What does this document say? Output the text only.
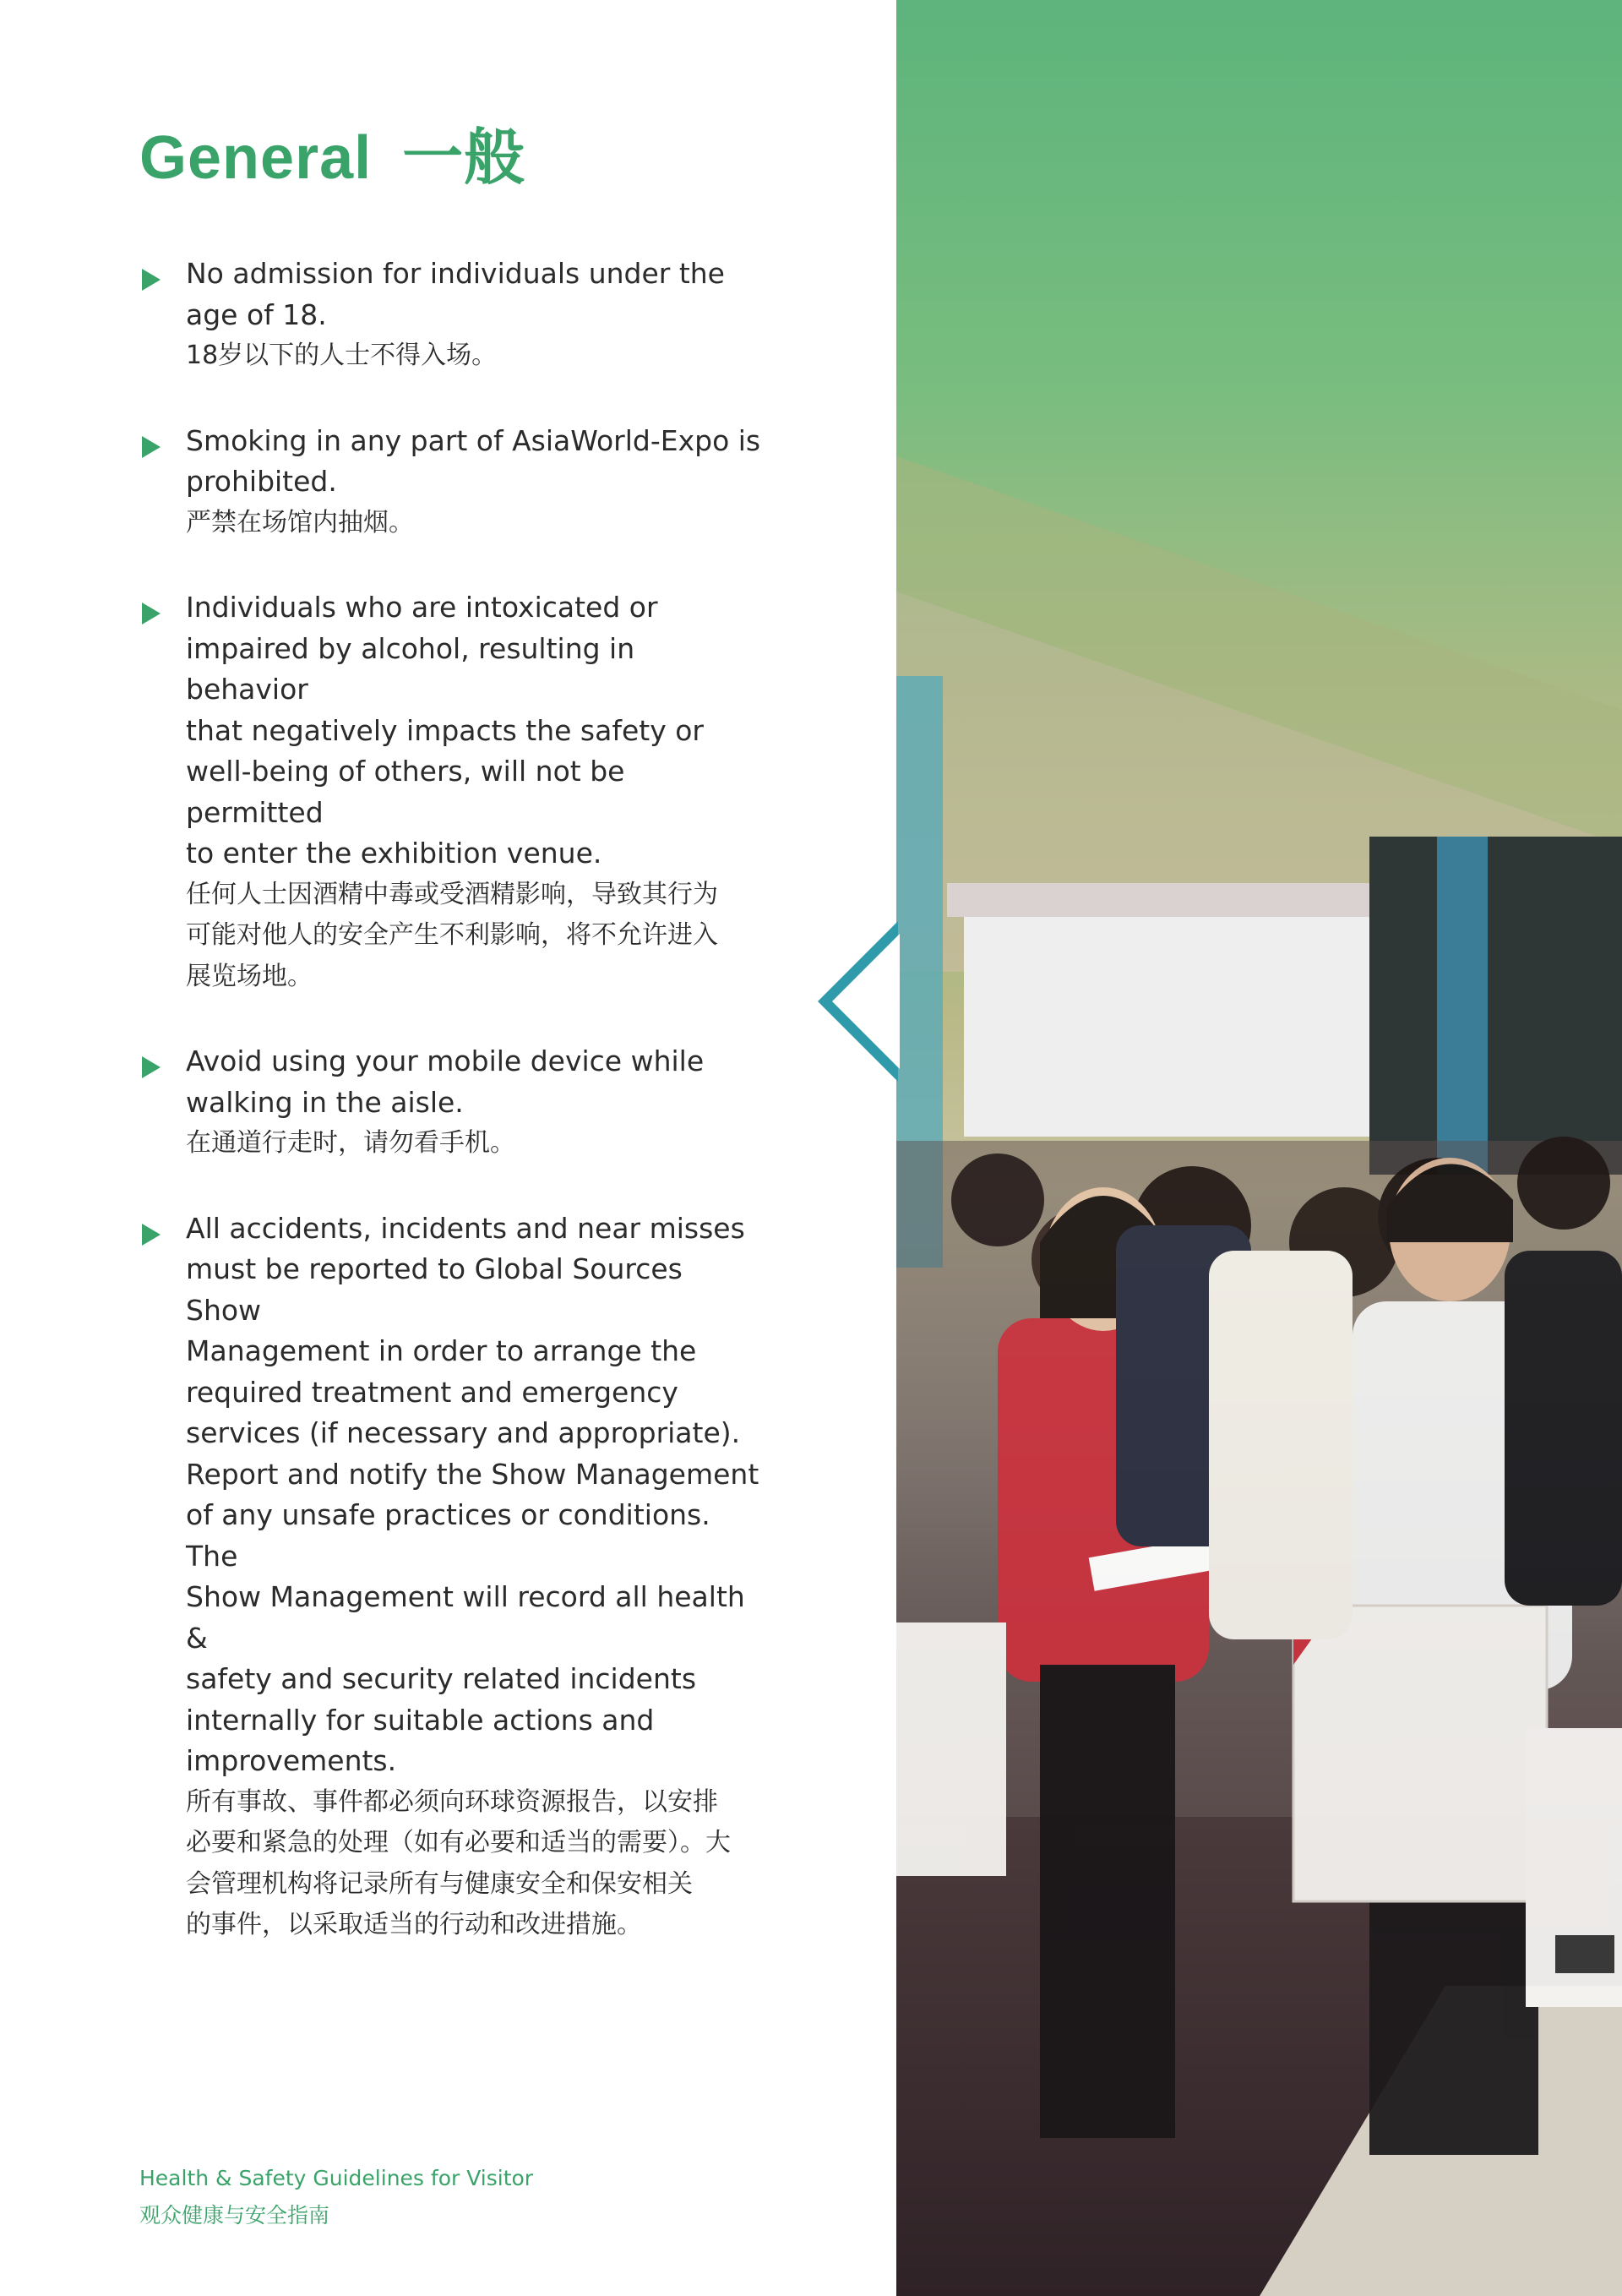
General 一般
No admission for individuals under the
age of 18.
18岁以下的人士不得入场。
Smoking in any part of AsiaWorld-Expo is
prohibited.
严禁在场馆内抽烟。
Individuals who are intoxicated or
impaired by alcohol, resulting in behavior
that negatively impacts the safety or
well-being of others, will not be permitted
to enter the exhibition venue.
任何人士因酒精中毒或受酒精影响，导致其行为
可能对他人的安全产生不利影响，将不允许进入
展览场地。
Avoid using your mobile device while
walking in the aisle.
在通道行走时，请勿看手机。
All accidents, incidents and near misses
must be reported to Global Sources Show
Management in order to arrange the
required treatment and emergency
services (if necessary and appropriate).
Report and notify the Show Management
of any unsafe practices or conditions. The
Show Management will record all health &
safety and security related incidents
internally for suitable actions and
improvements.
所有事故、事件都必须向环球资源报告，以安排
必要和紧急的处理（如有必要和适当的需要）。大
会管理机构将记录所有与健康安全和保安相关
的事件，以采取适当的行动和改进措施。
Health & Safety Guidelines for Visitor
观众健康与安全指南
